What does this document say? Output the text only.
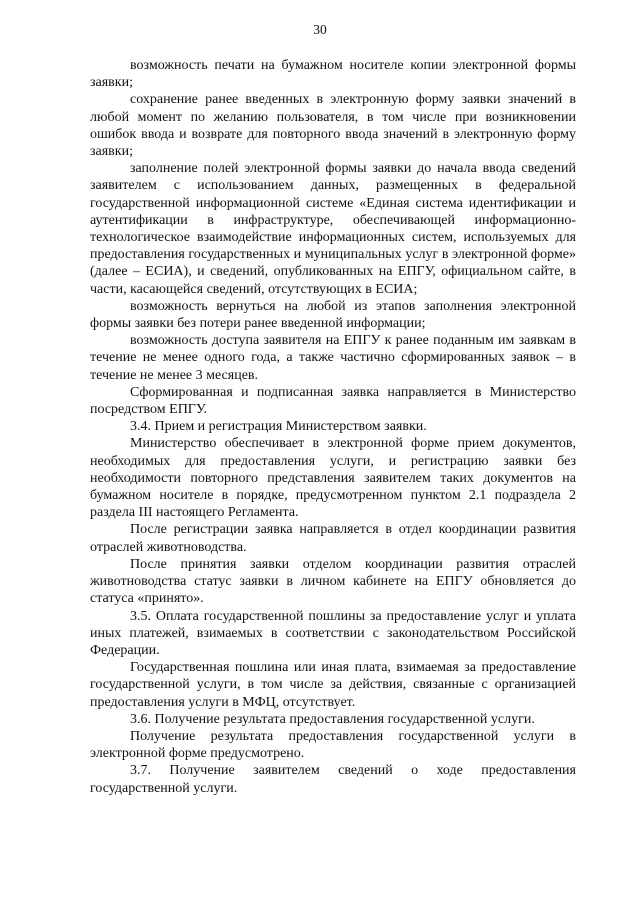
30

возможность печати на бумажном носителе копии электронной формы заявки;

сохранение ранее введенных в электронную форму заявки значений в любой момент по желанию пользователя, в том числе при возникновении ошибок ввода и возврате для повторного ввода значений в электронную форму заявки;

заполнение полей электронной формы заявки до начала ввода сведений заявителем с использованием данных, размещенных в федеральной государственной информационной системе «Единая система идентификации и аутентификации в инфраструктуре, обеспечивающей информационно-технологическое взаимодействие информационных систем, используемых для предоставления государственных и муниципальных услуг в электронной форме» (далее – ЕСИА), и сведений, опубликованных на ЕПГУ, официальном сайте, в части, касающейся сведений, отсутствующих в ЕСИА;

возможность вернуться на любой из этапов заполнения электронной формы заявки без потери ранее введенной информации;

возможность доступа заявителя на ЕПГУ к ранее поданным им заявкам в течение не менее одного года, а также частично сформированных заявок – в течение не менее 3 месяцев.

Сформированная и подписанная заявка направляется в Министерство посредством ЕПГУ.

3.4. Прием и регистрация Министерством заявки.

Министерство обеспечивает в электронной форме прием документов, необходимых для предоставления услуги, и регистрацию заявки без необходимости повторного представления заявителем таких документов на бумажном носителе в порядке, предусмотренном пунктом 2.1 подраздела 2 раздела III настоящего Регламента.

После регистрации заявка направляется в отдел координации развития отраслей животноводства.

После принятия заявки отделом координации развития отраслей животноводства статус заявки в личном кабинете на ЕПГУ обновляется до статуса «принято».

3.5. Оплата государственной пошлины за предоставление услуг и уплата иных платежей, взимаемых в соответствии с законодательством Российской Федерации.

Государственная пошлина или иная плата, взимаемая за предоставление государственной услуги, в том числе за действия, связанные с организацией предоставления услуги в МФЦ, отсутствует.

3.6. Получение результата предоставления государственной услуги.

Получение результата предоставления государственной услуги в электронной форме предусмотрено.

3.7. Получение заявителем сведений о ходе предоставления государственной услуги.
